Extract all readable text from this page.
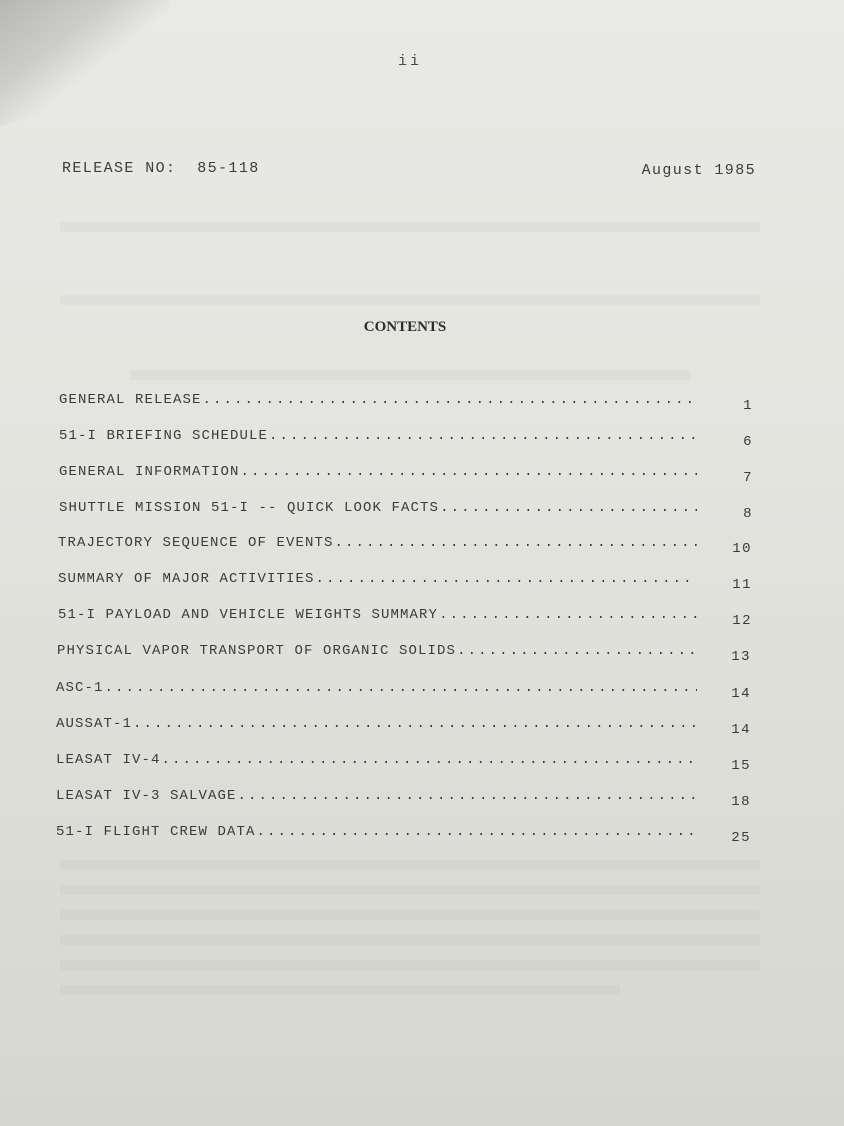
ii
RELEASE NO:  85-118	August 1985
CONTENTS
GENERAL RELEASE .....	1
51-I BRIEFING SCHEDULE .....	6
GENERAL INFORMATION .....	7
SHUTTLE MISSION 51-I -- QUICK LOOK FACTS .....	8
TRAJECTORY SEQUENCE OF EVENTS .....	10
SUMMARY OF MAJOR ACTIVITIES .....	11
51-I PAYLOAD AND VEHICLE WEIGHTS SUMMARY .....	12
PHYSICAL VAPOR TRANSPORT OF ORGANIC SOLIDS .....	13
ASC-1 .....	14
AUSSAT-1 .....	14
LEASAT IV-4 .....	15
LEASAT IV-3 SALVAGE .....	18
51-I FLIGHT CREW DATA .....	25
